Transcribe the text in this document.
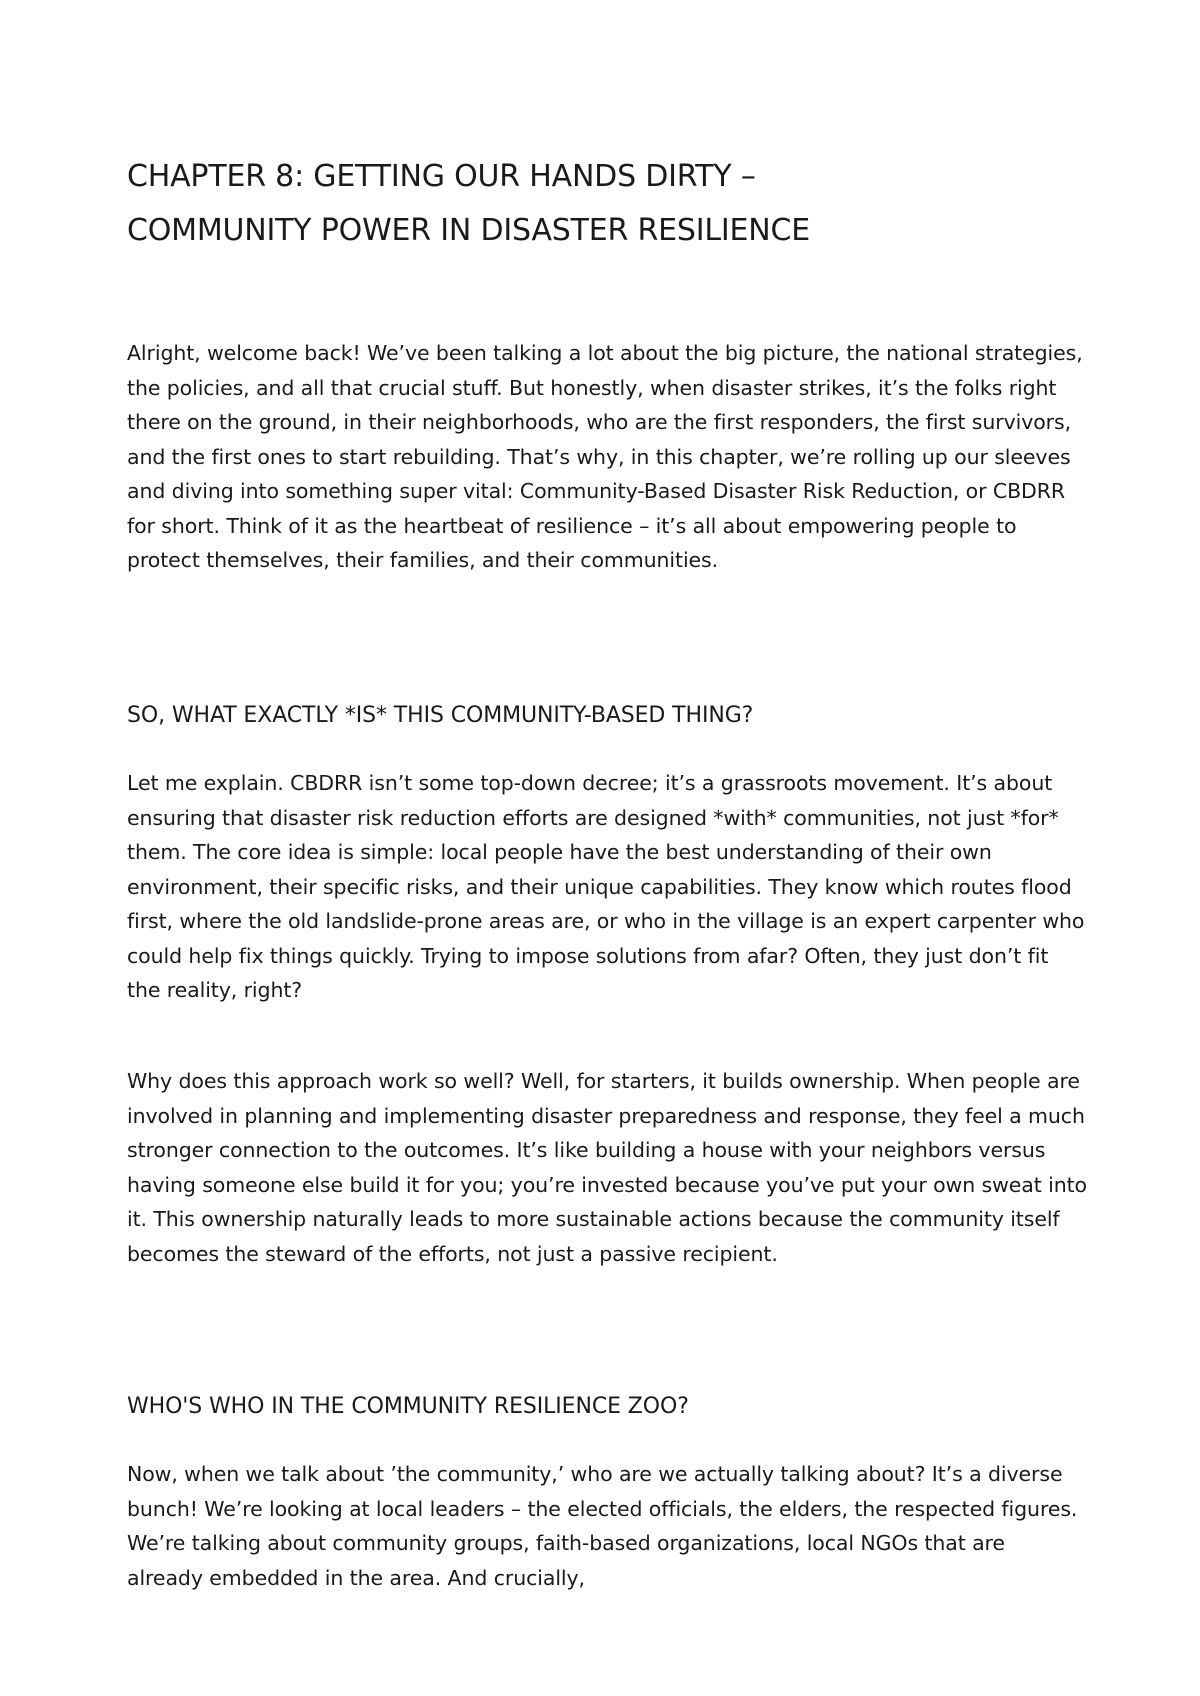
CHAPTER 8: GETTING OUR HANDS DIRTY –
COMMUNITY POWER IN DISASTER RESILIENCE

Alright, welcome back! We’ve been talking a lot about the big picture, the national strategies, the policies, and all that crucial stuff. But honestly, when disaster strikes, it’s the folks right there on the ground, in their neighborhoods, who are the first responders, the first survivors, and the first ones to start rebuilding. That’s why, in this chapter, we’re rolling up our sleeves and diving into something super vital: Community-Based Disaster Risk Reduction, or CBDRR for short. Think of it as the heartbeat of resilience – it’s all about empowering people to protect themselves, their families, and their communities.

SO, WHAT EXACTLY *IS* THIS COMMUNITY-BASED THING?

Let me explain. CBDRR isn’t some top-down decree; it’s a grassroots movement. It’s about ensuring that disaster risk reduction efforts are designed *with* communities, not just *for* them. The core idea is simple: local people have the best understanding of their own environment, their specific risks, and their unique capabilities. They know which routes flood first, where the old landslide-prone areas are, or who in the village is an expert carpenter who could help fix things quickly. Trying to impose solutions from afar? Often, they just don’t fit the reality, right?

Why does this approach work so well? Well, for starters, it builds ownership. When people are involved in planning and implementing disaster preparedness and response, they feel a much stronger connection to the outcomes. It’s like building a house with your neighbors versus having someone else build it for you; you’re invested because you’ve put your own sweat into it. This ownership naturally leads to more sustainable actions because the community itself becomes the steward of the efforts, not just a passive recipient.

WHO'S WHO IN THE COMMUNITY RESILIENCE ZOO?

Now, when we talk about ’the community,’ who are we actually talking about? It’s a diverse bunch! We’re looking at local leaders – the elected officials, the elders, the respected figures. We’re talking about community groups, faith-based organizations, local NGOs that are already embedded in the area. And crucially,
